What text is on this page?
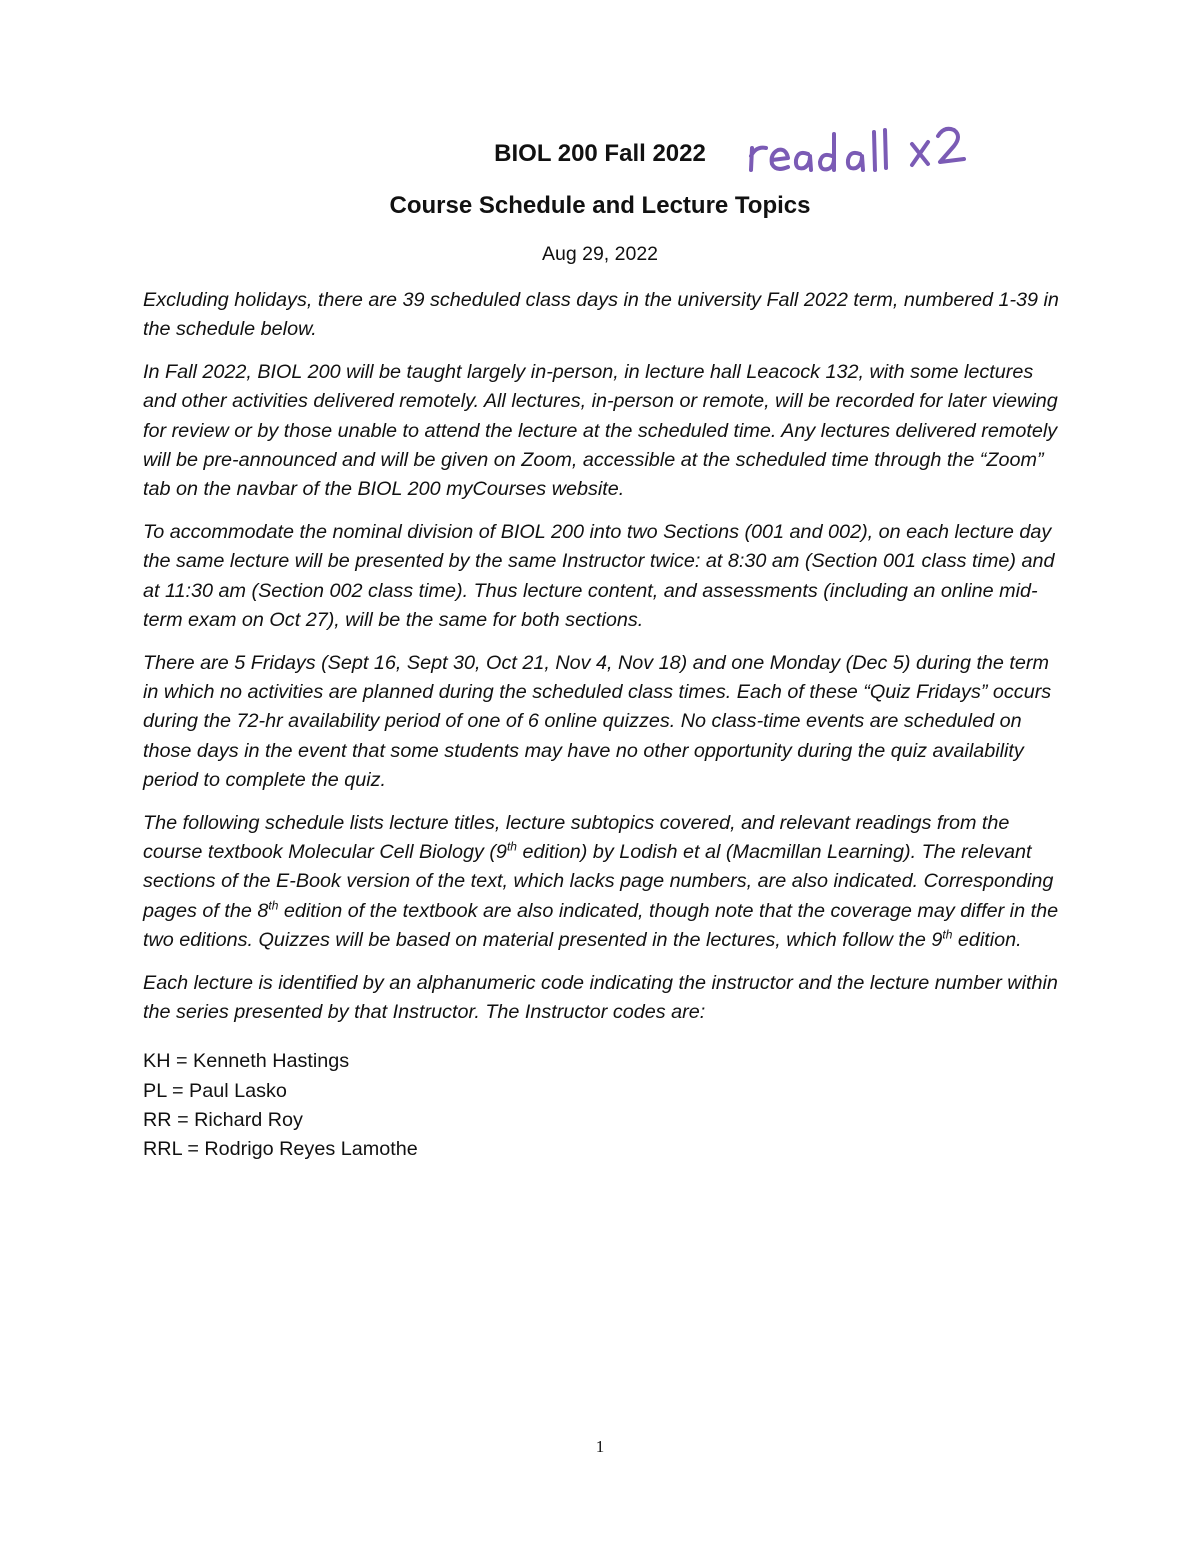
BIOL 200 Fall 2022
Course Schedule and Lecture Topics
Aug 29, 2022

Excluding holidays, there are 39 scheduled class days in the university Fall 2022 term, numbered 1-39 in the schedule below.

In Fall 2022, BIOL 200 will be taught largely in-person, in lecture hall Leacock 132, with some lectures and other activities delivered remotely. All lectures, in-person or remote, will be recorded for later viewing for review or by those unable to attend the lecture at the scheduled time. Any lectures delivered remotely will be pre-announced and will be given on Zoom, accessible at the scheduled time through the “Zoom” tab on the navbar of the BIOL 200 myCourses website.

To accommodate the nominal division of BIOL 200 into two Sections (001 and 002), on each lecture day the same lecture will be presented by the same Instructor twice: at 8:30 am (Section 001 class time) and at 11:30 am (Section 002 class time). Thus lecture content, and assessments (including an online mid-term exam on Oct 27), will be the same for both sections.

There are 5 Fridays (Sept 16, Sept 30, Oct 21, Nov 4, Nov 18) and one Monday (Dec 5) during the term in which no activities are planned during the scheduled class times. Each of these “Quiz Fridays” occurs during the 72-hr availability period of one of 6 online quizzes. No class-time events are scheduled on those days in the event that some students may have no other opportunity during the quiz availability period to complete the quiz.

The following schedule lists lecture titles, lecture subtopics covered, and relevant readings from the course textbook Molecular Cell Biology (9th edition) by Lodish et al (Macmillan Learning). The relevant sections of the E-Book version of the text, which lacks page numbers, are also indicated. Corresponding pages of the 8th edition of the textbook are also indicated, though note that the coverage may differ in the two editions. Quizzes will be based on material presented in the lectures, which follow the 9th edition.

Each lecture is identified by an alphanumeric code indicating the instructor and the lecture number within the series presented by that Instructor. The Instructor codes are:

KH = Kenneth Hastings
PL = Paul Lasko
RR = Richard Roy
RRL = Rodrigo Reyes Lamothe
1
